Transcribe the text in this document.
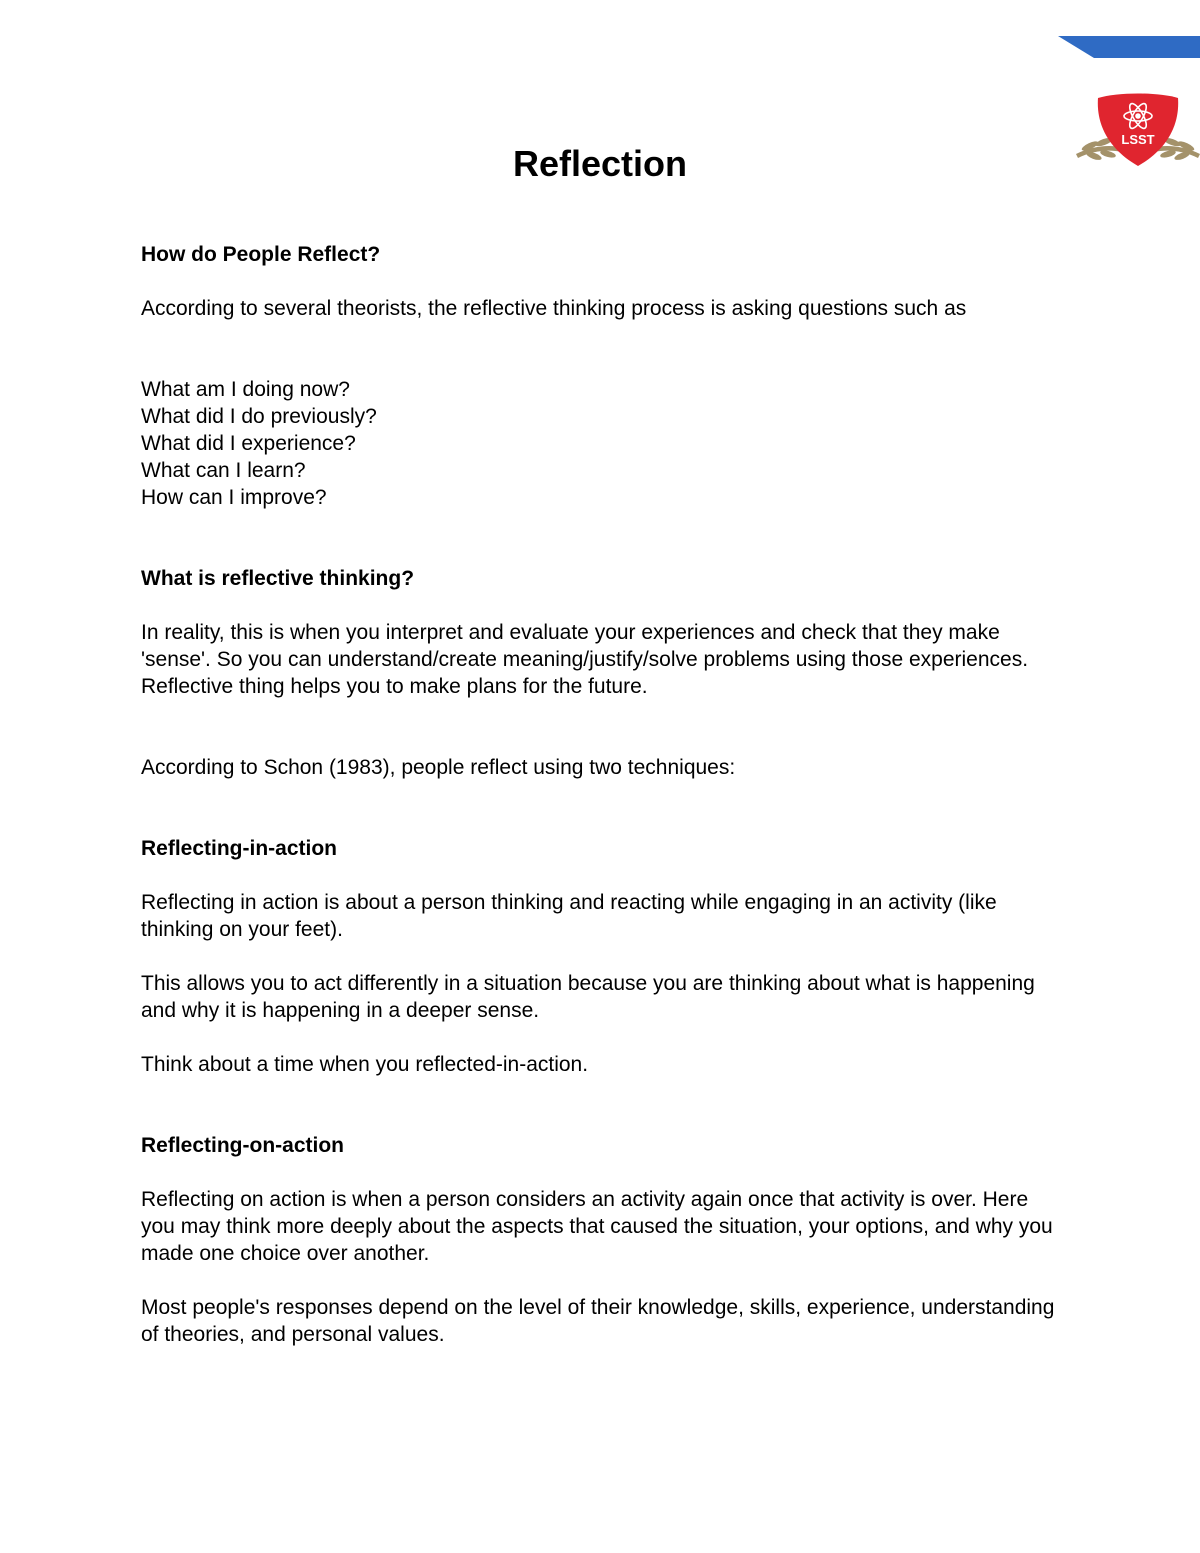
LSST
Reflection
How do People Reflect?

According to several theorists, the reflective thinking process is asking questions such as

What am I doing now?
What did I do previously?
What did I experience?
What can I learn?
How can I improve?
What is reflective thinking?

In reality, this is when you interpret and evaluate your experiences and check that they make 'sense'. So you can understand/create meaning/justify/solve problems using those experiences. Reflective thing helps you to make plans for the future.

According to Schon (1983), people reflect using two techniques:

Reflecting-in-action

Reflecting in action is about a person thinking and reacting while engaging in an activity (like thinking on your feet).

This allows you to act differently in a situation because you are thinking about what is happening and why it is happening in a deeper sense.

Think about a time when you reflected-in-action.

Reflecting-on-action

Reflecting on action is when a person considers an activity again once that activity is over. Here you may think more deeply about the aspects that caused the situation, your options, and why you made one choice over another.

Most people's responses depend on the level of their knowledge, skills, experience, understanding of theories, and personal values.
